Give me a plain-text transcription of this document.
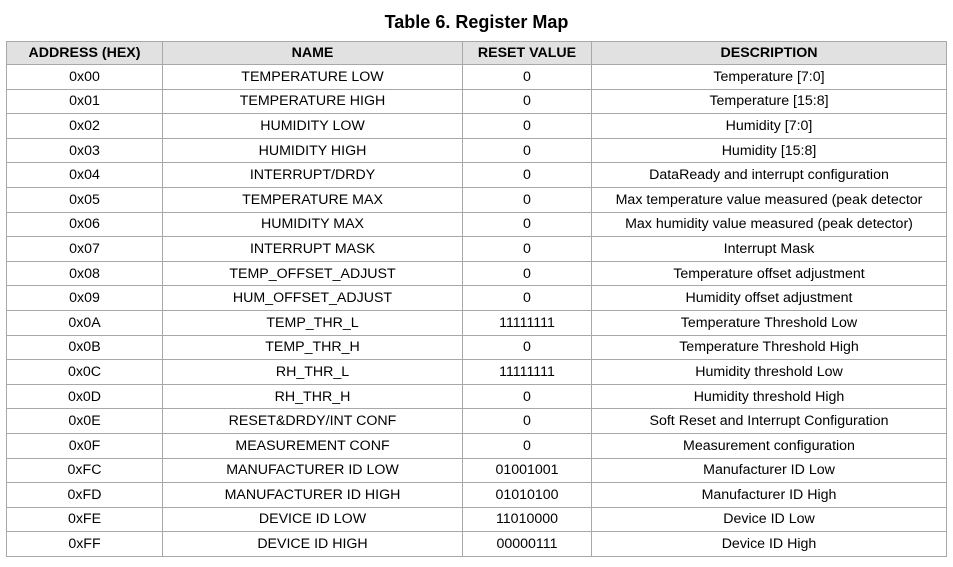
Table 6. Register Map
ADDRESS (HEX)	NAME	RESET VALUE	DESCRIPTION
0x00	TEMPERATURE LOW	0	Temperature [7:0]
0x01	TEMPERATURE HIGH	0	Temperature [15:8]
0x02	HUMIDITY LOW	0	Humidity [7:0]
0x03	HUMIDITY HIGH	0	Humidity [15:8]
0x04	INTERRUPT/DRDY	0	DataReady and interrupt configuration
0x05	TEMPERATURE MAX	0	Max temperature value measured (peak detector
0x06	HUMIDITY MAX	0	Max humidity value measured (peak detector)
0x07	INTERRUPT MASK	0	Interrupt Mask
0x08	TEMP_OFFSET_ADJUST	0	Temperature offset adjustment
0x09	HUM_OFFSET_ADJUST	0	Humidity offset adjustment
0x0A	TEMP_THR_L	11111111	Temperature Threshold Low
0x0B	TEMP_THR_H	0	Temperature Threshold High
0x0C	RH_THR_L	11111111	Humidity threshold Low
0x0D	RH_THR_H	0	Humidity threshold High
0x0E	RESET&DRDY/INT CONF	0	Soft Reset and Interrupt Configuration
0x0F	MEASUREMENT CONF	0	Measurement configuration
0xFC	MANUFACTURER ID LOW	01001001	Manufacturer ID Low
0xFD	MANUFACTURER ID HIGH	01010100	Manufacturer ID High
0xFE	DEVICE ID LOW	11010000	Device ID Low
0xFF	DEVICE ID HIGH	00000111	Device ID High
